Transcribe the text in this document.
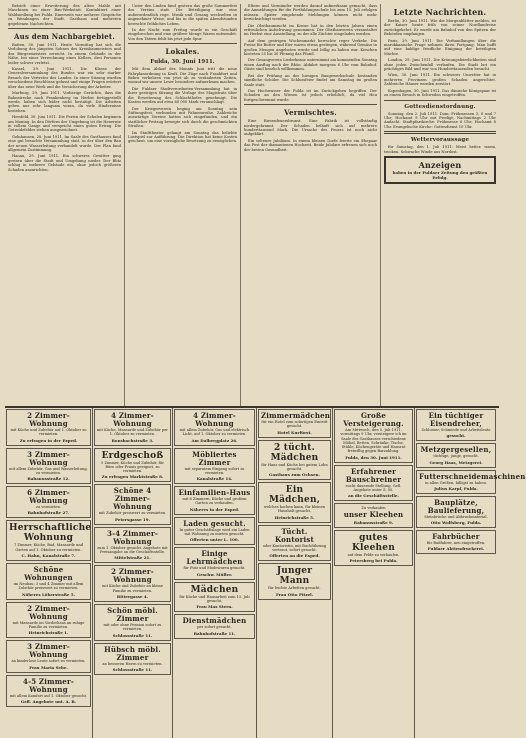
Betrieb einer Erweiterung des alten Mahle mit Maschinen zu einer Bau-Werkstatt. Kontaktiert einer Waldsiedlung bei Fulda. Einerseits war mehrere Gespräche zu Wendungen der Stadt, Gasthaus und mehreren gegebenen Nachrichten.

Aus dem Nachbargebiet.

Batten, 30. Juni 1911. Heute Vormittag hat sich die Verlobung des jüngsten Sohnes des Kreisbaumeisters und des Bürgermeisters erreicht. In einem Gebäude in der Nähe, bei einer Verrechnung eines Kellers, drei Personen leider schwer verletzt.

Kassel, 29. Juni 1911. Die Klasse der Generalversammlung des Bundes war ein sehr starker Besuch der Vertreter des Landes. In einer Sitzung wurden verschiedene Beschlüsse gefasst und einige Fragen erörtert über das neue Werk und die Versicherung der Arbeiter.

Marburg, 29. Juni 1911. Vorherige Gerüchte, dass die Bahnstrecke nach Frankenberg im Herbst fertiggestellt werde, haben sich leider nicht bestätigt. Die Arbeiten gehen nur sehr langsam voran, da viele Hindernisse bestehen.

Hersfeld, 30. Juni 1911. Die Ferien der Schulen beginnen am Montag. In den Dörfern der Umgebung ist die Heuernte in vollem Gange und verspricht einen guten Ertrag. Die Getreidefelder stehen ausgezeichnet.

Gelnhausen, 28. Juni 1911. Im Saale des Gasthauses fand eine gut besuchte Versammlung statt, in der über den Bau der neuen Wasserleitung verhandelt wurde. Der Plan fand allgemein Zustimmung.

Hanau, 29. Juni 1911. Ein schweres Gewitter ging gestern über die Stadt und Umgebung nieder. Der Blitz schlug in mehrere Gebäude ein, ohne jedoch größeren Schaden anzurichten.

Unter den Linden fand gestern das große Sommerfest des Vereins statt. Die Beteiligung war eine außerordentlich rege. Musik und Gesang wechselten in angenehmer Weise, und bis in die späten Abendstunden herrschte fröhliches Leben.

In der Nacht zum Freitag wurde in ein Geschäft eingebrochen und eine größere Menge Waren entwendet. Von den Tätern fehlt bis jetzt jede Spur.

Lokales.
Fulda, 30. Juni 1911.

Mit dem Ablauf des Monats Juni tritt die neue Fahrplanordnung in Kraft. Die Züge nach Frankfurt und Bebra verkehren von jetzt ab zu veränderten Zeiten, worauf wir unsere Leser besonders aufmerksam machen.

Die Fuldaer Stadtverordneten-Versammlung hat in ihrer gestrigen Sitzung die Vorlage des Magistrats über die Erweiterung des Schlachthofes genehmigt. Die Kosten werden auf etwa 60 000 Mark veranschlagt.

Der Kriegerverein beging am Sonntag sein Stiftungsfest, verbunden mit Fahnenweihe. Zahlreiche auswärtige Vereine hatten sich eingefunden, und ein stattlicher Festzug bewegte sich durch die geschmückten Straßen.

Im Stadttheater gelangt am Sonntag das beliebte Lustspiel zur Aufführung. Die Direktion hat keine Kosten gescheut, um eine vorzügliche Besetzung zu ermöglichen.

Eltern und Vormünder werden darauf aufmerksam gemacht, dass die Anmeldungen für die Fortbildungsschule bis zum 15. Juli erfolgen müssen. Später eingehende Meldungen können nicht mehr berücksichtigt werden.

Die Obstbaumzucht im Kreise hat in den letzten Jahren einen erfreulichen Aufschwung genommen. Der Obstbauverein veranstaltet im Herbst eine Ausstellung, zu der alle Züchter eingeladen werden.

Auf dem gestrigen Wochenmarkt herrschte reger Verkehr. Die Preise für Butter und Eier waren etwas gestiegen, während Gemüse in großen Mengen angeboten wurde und billig zu haben war. Kirschen kosteten 25 bis 30 Pfennig das Pfund.

Der Gesangverein Liederkranz unternimmt am kommenden Sonntag einen Ausflug nach der Rhön. Abfahrt morgens 6 Uhr vom Bahnhof. Gäste sind herzlich willkommen.

Bei der Prüfung an der hiesigen Baugewerkschule bestanden sämtliche Schüler. Die Schlussfeier findet am Samstag im großen Saale statt.

Das Hochwasser der Fulda ist im Zurückgehen begriffen. Der Schaden an den Wiesen ist jedoch erheblich, da viel Heu fortgeschwemmt wurde.

Vermischtes.

Eine Riesenfeuersbrunst. Eine Fabrik ist vollständig niedergebrannt. Der Schaden beläuft sich auf mehrere hunderttausend Mark. Die Ursache des Feuers ist noch nicht aufgeklärt.

Ein seltenes Jubiläum. In einem kleinen Dorfe feierte ein Ehepaar das Fest der diamantenen Hochzeit. Beide Jubilare erfreuen sich noch der besten Gesundheit.

Letzte Nachrichten.

Berlin, 30. Juni 1911. Wie die Morgenblätter melden, ist der Kaiser heute früh von seiner Nordlandreise zurückgekehrt. Er wurde am Bahnhof von den Spitzen der Behörden empfangen.

Paris, 29. Juni 1911. Die Verhandlungen über die marokkanische Frage nehmen ihren Fortgang. Man hofft auf eine baldige friedliche Einigung der beteiligten Mächte.

London, 29. Juni 1911. Die Krönungsfeierlichkeiten sind ohne jeden Zwischenfall verlaufen. Die Stadt bot ein prächtiges Bild und war von Hunderttausenden besucht.

Wien, 30. Juni 1911. Ein schweres Unwetter hat in mehreren Provinzen großen Schaden angerichtet. Zahlreiche Häuser wurden zerstört.

Kopenhagen, 30. Juni 1911. Das dänische Königspaar ist zu einem Besuch in Schweden eingetroffen.

Gottesdienstordnung.

Sonntag, den 2. Juli 1911. Dom: Frühmessen 5, 6 und 7 Uhr; Hochamt 9 Uhr mit Predigt; Nachmittags 2 Uhr Andacht. Stadtpfarrkirche: Frühmesse 6 Uhr; Hochamt 8 Uhr. Evangelische Kirche: Gottesdienst 10 Uhr.

Wettervoraussage

für Samstag, den 1. Juli 1911: Meist heiter, warm, trocken. Schwache Winde aus Nordost.

Anzeigen
haben in der Fuldaer Zeitung den größten Erfolg.
2 Zimmer-Wohnung
mit Küche und Zubehör auf 1. Oktober zu vermieten.
Zu erfragen in der Exped.
3 Zimmer-Wohnung
mit allem Zubehör, Gas und Wasserleitung, zu vermieten.
Rabanusstraße 12.
6 Zimmer-Wohnung
zu vermieten.
Bahnhofstraße 27.
Herrschaftliche Wohnung
7 Zimmer, Küche, Bad, Mansarde und Garten auf 1. Oktober zu vermieten.
C. Hahn, Kanalstraße 7.
Schöne Wohnungen
im Neubau, 3 und 4 Zimmer mit allem Zubehör preiswert zu vermieten.
Näheres Löherstraße 5.
2 Zimmer-Wohnung
mit Mansarde im Vorderhaus an ruhige Familie zu vermieten.
Heinrichstraße 1.
3 Zimmer-Wohnung
an kinderlose Leute sofort zu vermieten.
Frau Maria Sebe.
4-5 Zimmer-Wohnung
mit allem Komfort auf 1. Oktober gesucht.
Gefl. Angebote unt. A. B.
4 Zimmer-Wohnung
mit Küche, Mansarde und Zubehör per 1. Oktober zu vermieten.
Ronsbachstraße 3.
Erdgeschoß
5 Zimmer, Küche und Zubehör, für Büro oder Praxis geeignet, zu vermieten.
Zu erfragen Marktstraße 8.
Schöne 4 Zimmer-Wohnung
mit Zubehör preiswert zu vermieten.
Petersgasse 19.
3-4 Zimmer-Wohnung
zum 1. Oktober gesucht. Angebote mit Preisangabe an die Geschäftsstelle.
Mittelstraße 21.
2 Zimmer-Wohnung
mit Küche und Zubehör an kleine Familie zu vermieten.
Rittergasse 4.
Schön möbl. Zimmer
mit oder ohne Pension sofort zu vermieten.
Schlossstraße 11.
Hübsch möbl. Zimmer
an besseren Herrn zu vermieten.
Schlossstraße 11.
4 Zimmer-Wohnung
mit allem Zubehör, Gas und elektrisch Licht, auf 1. Oktober zu vermieten.
Am Dalbergplatz 26.
Möbliertes Zimmer
mit separatem Eingang sofort zu vermieten.
Kanalstraße 14.
Einfamilien-Haus
mit 6 Zimmern, Küche und großem Garten zu verkaufen.
Näheres in der Exped.
Laden gesucht.
In guter Geschäftslage wird ein Laden mit Wohnung zu mieten gesucht.
Offerten unter L. 100.
Einige Lehrmädchen
für Putz und Modewaren gesucht.
Geschw. Müller.
Mädchen
für Küche und Hausarbeit zum 15. Juli gesucht.
Frau Max Stern.
Dienstmädchen
per sofort gesucht.
Bahnhofstraße 11.
Zimmermädchen
für ein Hotel zum sofortigen Eintritt gesucht.
Hotel Kurfürst.
2 tücht. Mädchen
für Haus und Küche bei gutem Lohn gesucht.
Gasthaus zum Ochsen.
Ein Mädchen,
welches kochen kann, für kleinen Haushalt gesucht.
Heinrichstraße 5.
Tücht. Kontorist
oder Kontoristin, mit Buchführung vertraut, sofort gesucht.
Offerten an die Exped.
Junger Mann
für leichte Arbeiten gesucht.
Frau Otto Pitzel.
Große Versteigerung.
Am Mittwoch, den 5. Juli 1911, vormittags 9 Uhr, versteigere ich im Saale des Gasthauses verschiedene Möbel, Betten, Schränke, Tische, Stühle, Küchengeräte und Hausrat freiwillig gegen Barzahlung.
Fulda, den 30. Juni 1911.
Erfahrener Bauschreiner
sucht dauernde Stellung. Gefl. Angebote unter S. 55.
an die Geschäftsstelle.
Zu verkaufen
unser Kleehen
Rabanusstraße 9.
gutes Kleehen
auf dem Felde zu verkaufen.
Petersberg bei Fulda.
Ein tüchtiger Eisendreher,
Schlosser, Schmiede und Arbeitsleute
gesucht.
Metzgergesellen,
tüchtige, junge, gesucht.
Georg Haas, Metzgerei.
Futterschneidemaschinen
in allen Größen, billigst zu haben.
Julius Karpf, Fulda.
Bauplätze, Baulieferung,
Steinbrüche und Abbruchmaterial.
Otto Wolfsberg, Fulda.
Fahrbücher
für Radfahrer, neu eingetroffen.
Fuldaer Aktiendruckerei.
